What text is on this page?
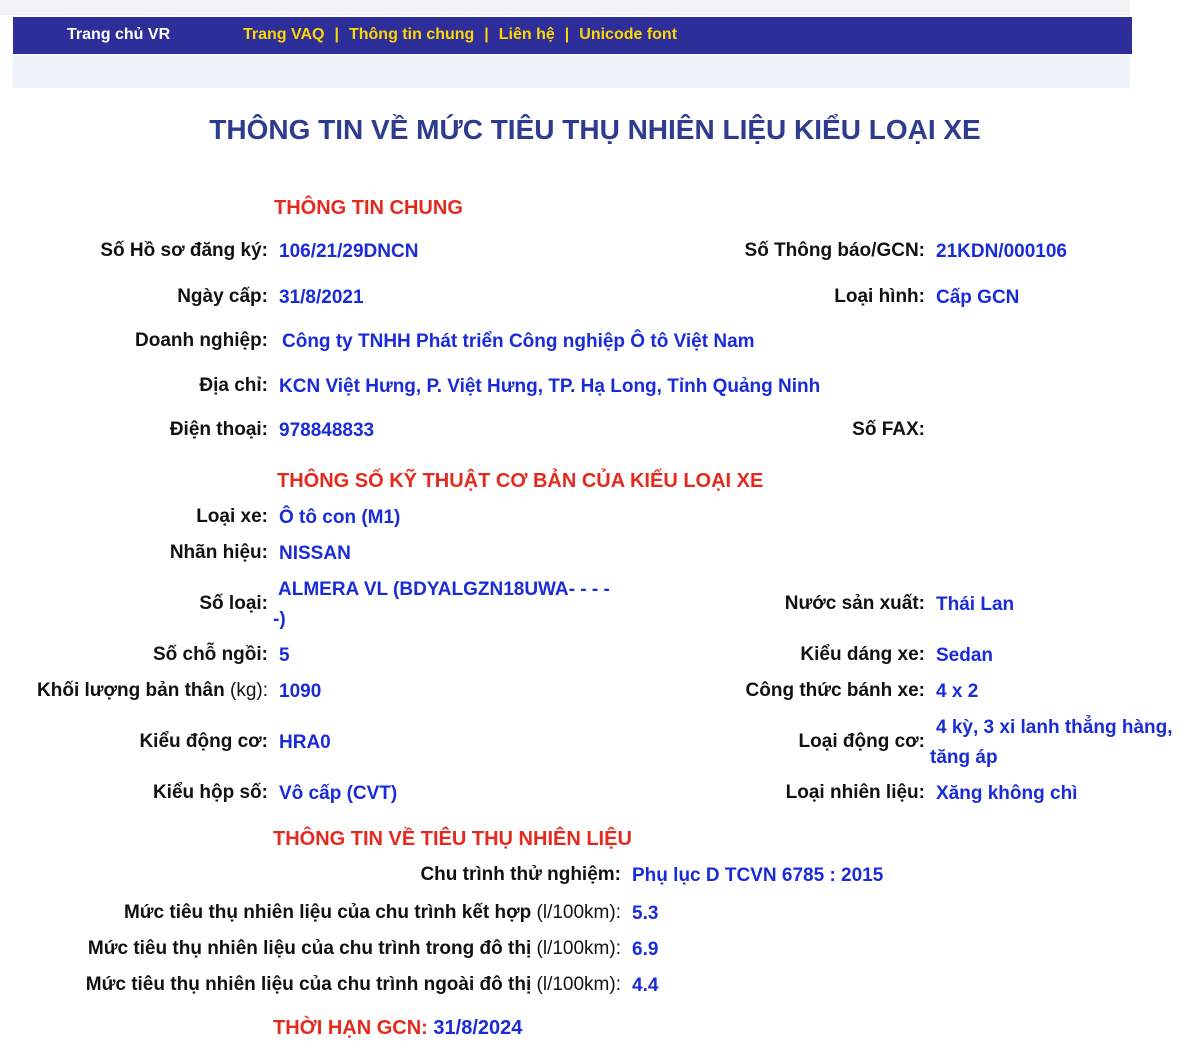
Trang chủ VR	Trang VAQ | Thông tin chung | Liên hệ | Unicode font
THÔNG TIN VỀ MỨC TIÊU THỤ NHIÊN LIỆU KIỂU LOẠI XE
THÔNG TIN CHUNG
Số Hồ sơ đăng ký: 106/21/29DNCN	Số Thông báo/GCN: 21KDN/000106
Ngày cấp: 31/8/2021	Loại hình: Cấp GCN
Doanh nghiệp: Công ty TNHH Phát triển Công nghiệp Ô tô Việt Nam
Địa chỉ: KCN Việt Hưng, P. Việt Hưng, TP. Hạ Long, Tỉnh Quảng Ninh
Điện thoại: 978848833	Số FAX:
THÔNG SỐ KỸ THUẬT CƠ BẢN CỦA KIỂU LOẠI XE
Loại xe: Ô tô con (M1)
Nhãn hiệu: NISSAN
Số loại:
ALMERA VL (BDYALGZN18UWA- - - - -)
Nước sản xuất: Thái Lan
Số chỗ ngồi: 5	Kiểu dáng xe: Sedan
Khối lượng bản thân (kg): 1090	Công thức bánh xe: 4 x 2
Kiểu động cơ: HRA0	Loại động cơ:
4 kỳ, 3 xi lanh thẳng hàng, tăng áp
Kiểu hộp số: Vô cấp (CVT)	Loại nhiên liệu: Xăng không chì
THÔNG TIN VỀ TIÊU THỤ NHIÊN LIỆU
Chu trình thử nghiệm: Phụ lục D TCVN 6785 : 2015
Mức tiêu thụ nhiên liệu của chu trình kết hợp (l/100km): 5.3
Mức tiêu thụ nhiên liệu của chu trình trong đô thị (l/100km): 6.9
Mức tiêu thụ nhiên liệu của chu trình ngoài đô thị (l/100km): 4.4
THỜI HẠN GCN: 31/8/2024
